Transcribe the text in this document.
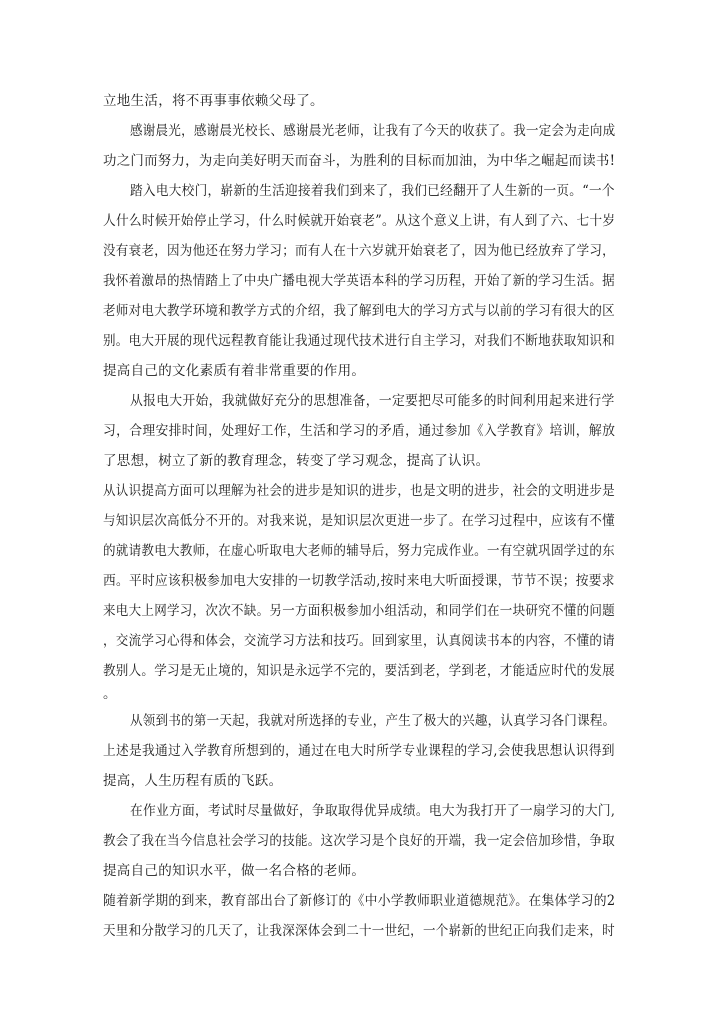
立地生活，将不再事事依赖父母了。
感谢晨光，感谢晨光校长、感谢晨光老师，让我有了今天的收获了。我一定会为走向成
功之门而努力，为走向美好明天而奋斗，为胜利的目标而加油，为中华之崛起而读书!
踏入电大校门，崭新的生活迎接着我们到来了，我们已经翻开了人生新的一页。“一个
人什么时候开始停止学习，什么时候就开始衰老”。从这个意义上讲，有人到了六、七十岁
没有衰老，因为他还在努力学习；而有人在十六岁就开始衰老了，因为他已经放弃了学习，
我怀着激昂的热情踏上了中央广播电视大学英语本科的学习历程，开始了新的学习生活。据
老师对电大教学环境和教学方式的介绍，我了解到电大的学习方式与以前的学习有很大的区
别。电大开展的现代远程教育能让我通过现代技术进行自主学习，对我们不断地获取知识和
提高自己的文化素质有着非常重要的作用。
从报电大开始，我就做好充分的思想准备，一定要把尽可能多的时间利用起来进行学
习，合理安排时间，处理好工作，生活和学习的矛盾，通过参加《入学教育》培训，解放
了思想，树立了新的教育理念，转变了学习观念，提高了认识。
从认识提高方面可以理解为社会的进步是知识的进步，也是文明的进步，社会的文明进步是
与知识层次高低分不开的。对我来说，是知识层次更进一步了。在学习过程中，应该有不懂
的就请教电大教师，在虚心听取电大老师的辅导后，努力完成作业。一有空就巩固学过的东
西。平时应该积极参加电大安排的一切教学活动,按时来电大听面授课，节节不误；按要求
来电大上网学习，次次不缺。另一方面积极参加小组活动，和同学们在一块研究不懂的问题
，交流学习心得和体会，交流学习方法和技巧。回到家里，认真阅读书本的内容，不懂的请
教别人。学习是无止境的，知识是永远学不完的，要活到老，学到老，才能适应时代的发展
。
从领到书的第一天起，我就对所选择的专业，产生了极大的兴趣，认真学习各门课程。
上述是我通过入学教育所想到的，通过在电大时所学专业课程的学习,会使我思想认识得到
提高，人生历程有质的飞跃。
在作业方面，考试时尽量做好，争取取得优异成绩。电大为我打开了一扇学习的大门,
教会了我在当今信息社会学习的技能。这次学习是个良好的开端，我一定会倍加珍惜，争取
提高自己的知识水平，做一名合格的老师。
随着新学期的到来，教育部出台了新修订的《中小学教师职业道德规范》。在集体学习的2
天里和分散学习的几天了，让我深深体会到二十一世纪，一个崭新的世纪正向我们走来，时
